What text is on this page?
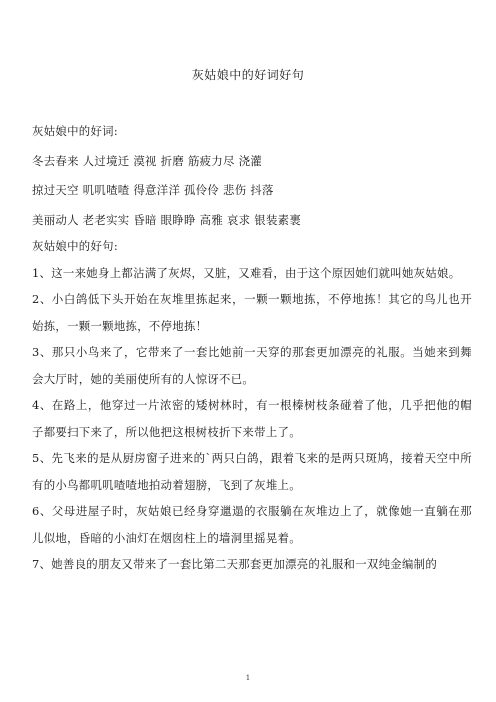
灰姑娘中的好词好句

灰姑娘中的好词:

冬去春来 人过境迁 漠视 折磨 筋疲力尽 浇灌

掠过天空 叽叽喳喳 得意洋洋 孤伶伶 悲伤 抖落

美丽动人 老老实实 昏暗 眼睁睁 高雅 哀求 银装素裹

灰姑娘中的好句:

1、这一来她身上都沾满了灰烬，又脏，又难看，由于这个原因她们就叫她灰姑娘。

2、小白鸽低下头开始在灰堆里拣起来，一颗一颗地拣，不停地拣！其它的鸟儿也开始拣，一颗一颗地拣，不停地拣！

3、那只小鸟来了，它带来了一套比她前一天穿的那套更加漂亮的礼服。当她来到舞会大厅时，她的美丽使所有的人惊讶不已。

4、在路上，他穿过一片浓密的矮树林时，有一根榛树枝条碰着了他，几乎把他的帽子都要扫下来了，所以他把这根树枝折下来带上了。

5、先飞来的是从厨房窗子进来的`两只白鸽，跟着飞来的是两只斑鸠，接着天空中所有的小鸟都叽叽喳喳地拍动着翅膀，飞到了灰堆上。

6、父母进屋子时，灰姑娘已经身穿邋遢的衣服躺在灰堆边上了，就像她一直躺在那儿似地，昏暗的小油灯在烟囱柱上的墙洞里摇晃着。

7、她善良的朋友又带来了一套比第二天那套更加漂亮的礼服和一双纯金编制的

1
